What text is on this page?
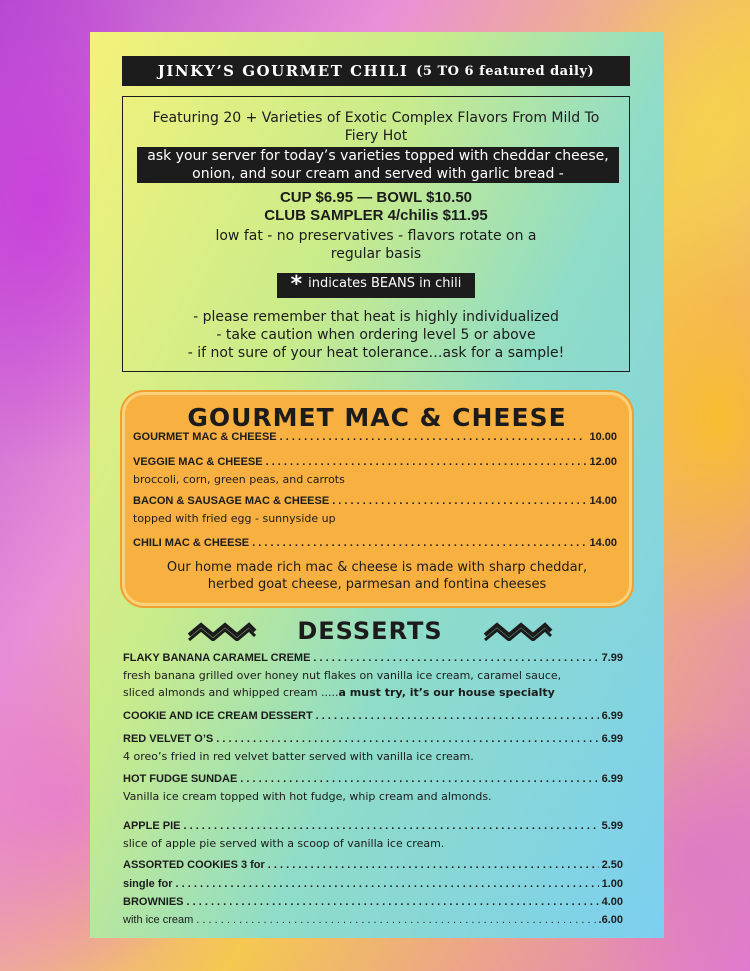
JINKY’S GOURMET CHILI (5 TO 6 featured daily)
Featuring 20 + Varieties of Exotic Complex Flavors From Mild To
Fiery Hot
ask your server for today’s varieties topped with cheddar cheese,
onion, and sour cream and served with garlic bread -
CUP $6.95 — BOWL $10.50
CLUB SAMPLER 4/chilis $11.95
low fat - no preservatives - flavors rotate on a
regular basis
* indicates BEANS in chili
- please remember that heat is highly individualized
- take caution when ordering level 5 or above
- if not sure of your heat tolerance…ask for a sample!
GOURMET MAC & CHEESE
Our home made rich mac & cheese is made with sharp cheddar,
herbed goat cheese, parmesan and fontina cheeses
GOURMET MAC & CHEESE . . .	10.00
VEGGIE MAC & CHEESE . . .	12.00
broccoli, corn, green peas, and carrots
BACON & SAUSAGE MAC & CHEESE . . .	14.00
topped with fried egg - sunnyside up
CHILI MAC & CHEESE . . .	14.00
DESSERTS
FLAKY BANANA CARAMEL CREME . . .	7.99
fresh banana grilled over honey nut flakes on vanilla ice cream, caramel sauce,
sliced almonds and whipped cream .....a must try, it’s our house specialty
COOKIE AND ICE CREAM DESSERT . . .	6.99
RED VELVET O’S . . .	6.99
4 oreo’s fried in red velvet batter served with vanilla ice cream.
HOT FUDGE SUNDAE . . .	6.99
Vanilla ice cream topped with hot fudge, whip cream and almonds.
APPLE PIE . . .	5.99
slice of apple pie served with a scoop of vanilla ice cream.
ASSORTED COOKIES 3 for . . .	2.50
single for . . .	1.00
BROWNIES . . .	4.00
with ice cream . . .	.6.00
